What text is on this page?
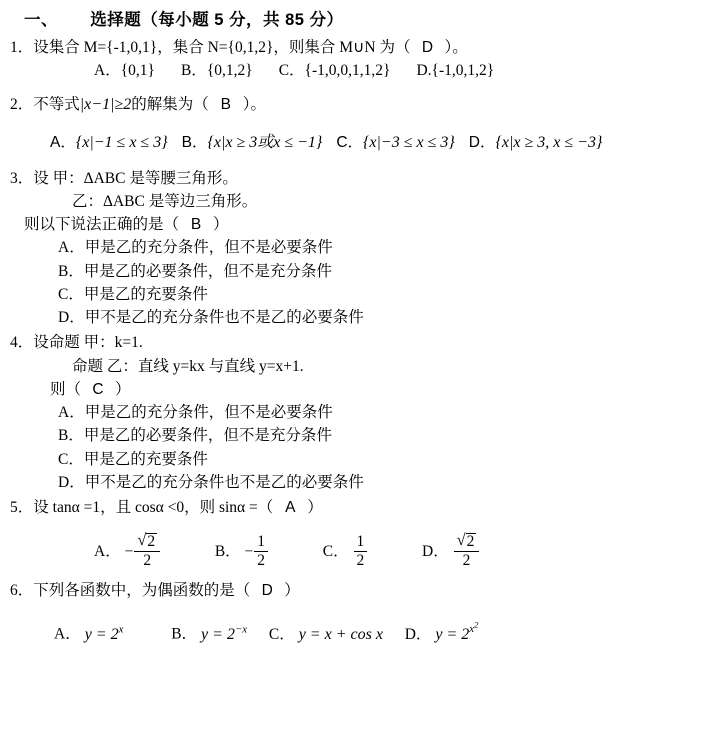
一、 选择题（每小题 5 分，共 85 分）
1．设集合 M={-1,0,1}，集合 N={0,1,2}，则集合 M∪N 为（ D ）。
A．{0,1} B．{0,1,2} C．{-1,0,0,1,1,2} D.{-1,0,1,2}
2．不等式|x−1|≥2的解集为（ B ）。
A．{x|−1 ≤ x ≤ 3} B．{x|x ≥ 3或x ≤ −1} C．{x|−3 ≤ x ≤ 3} D．{x|x ≥ 3, x ≤ −3}
3．设 甲：ΔABC 是等腰三角形。
乙：ΔABC 是等边三角形。
则以下说法正确的是（ B ）
A．甲是乙的充分条件，但不是必要条件
B．甲是乙的必要条件，但不是充分条件
C．甲是乙的充要条件
D．甲不是乙的充分条件也不是乙的必要条件
4．设命题 甲：k=1.
命题 乙：直线 y=kx 与直线 y=x+1.
则（ C ）
A．甲是乙的充分条件，但不是必要条件
B．甲是乙的必要条件，但不是充分条件
C．甲是乙的充要条件
D．甲不是乙的充分条件也不是乙的必要条件
5．设 tanα =1，且 cosα <0，则 sinα =（ A ）
A． − √ $\frac{2}{2}$	B． − $\frac{1}{2}$	C． $\frac{1}{2}$	D． √ $\frac{2}{2}$
6．下列各函数中，为偶函数的是（ D ）
A． $y = 2^x$	B． $y = 2^{-x}$ C． y = x + cos x D． $y = 2^{x^2}$
